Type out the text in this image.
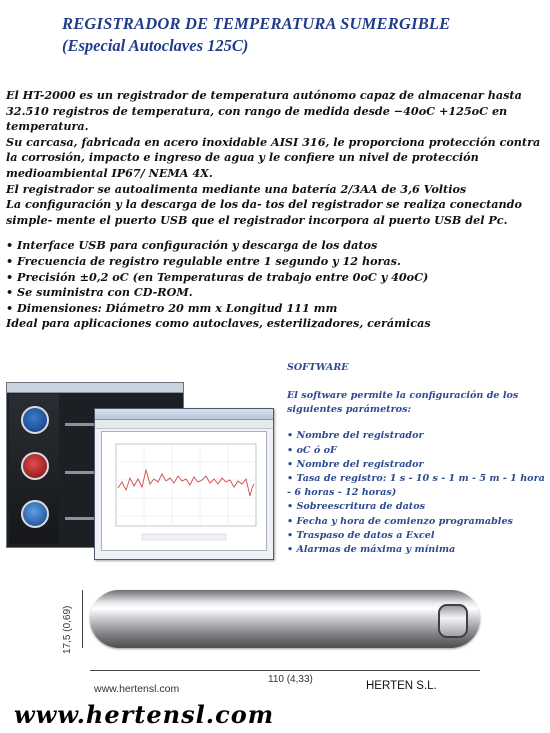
REGISTRADOR DE TEMPERATURA SUMERGIBLE
(Especial Autoclaves 125C)

El HT-2000 es un registrador de temperatura autónomo capaz de almacenar hasta 32.510 registros de temperatura, con rango de medida desde −40oC +125oC en temperatura.

Su carcasa, fabricada en acero inoxidable AISI 316, le proporciona protección contra la corrosión, impacto e ingreso de agua y le confiere un nivel de protección medioambiental IP67/ NEMA 4X.

El registrador se autoalimenta mediante una batería 2/3AA de 3,6 Voltios

La configuración y la descarga de los da- tos del registrador se realiza conectando simple- mente el puerto USB que el registrador incorpora al puerto USB del Pc.

• Interface USB para configuración y descarga de los datos

• Frecuencia de registro regulable entre 1 segundo y 12 horas.

• Precisión ±0,2 oC (en Temperaturas de trabajo entre 0oC y 40oC)

• Se suministra con CD-ROM.

• Dimensiones: Diámetro 20 mm x Longitud 111 mm

Ideal para aplicaciones como autoclaves, esterilizadores, cerámicas

SOFTWARE

El software permite la configuración de los siguientes parámetros:

• Nombre del registrador
• oC ó oF
• Nombre del registrador
• Tasa de registro: 1 s - 10 s - 1 m - 5 m - 1 hora - 6 horas - 12 horas)
• Sobreescritura de datos
• Fecha y hora de comienzo programables
• Traspaso de datos a Excel
• Alarmas de máxima y mínima
17,5 (0,69)
110 (4,33)
www.hertensl.com	HERTEN S.L.
www.hertensl.com
